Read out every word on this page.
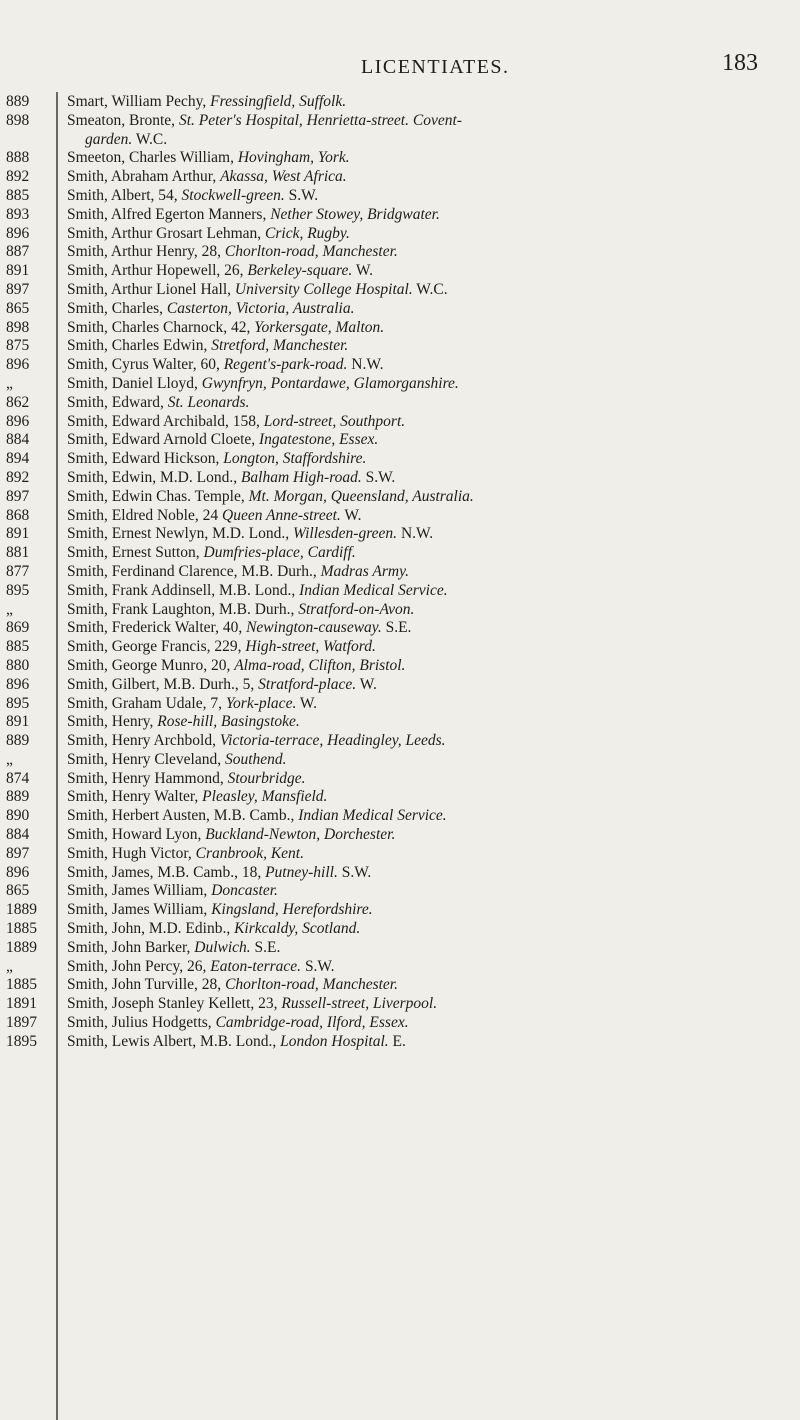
LICENTIATES.	183
889
898
888
892
885
893
896
887
891
897
865
898
875
896
„
862
896
884
894
892
897
868
891
881
877
895
„
869
885
880
896
895
891
889
„
874
889
890
884
897
896
865
1889
1885
1889
„
1885
1891
1897
1895
Smart, William Pechy, Fressingfield, Suffolk.
Smeaton, Bronte, St. Peter's Hospital, Henrietta-street. Covent-
garden. W.C.
Smeeton, Charles William, Hovingham, York.
Smith, Abraham Arthur, Akassa, West Africa.
Smith, Albert, 54, Stockwell-green. S.W.
Smith, Alfred Egerton Manners, Nether Stowey, Bridgwater.
Smith, Arthur Grosart Lehman, Crick, Rugby.
Smith, Arthur Henry, 28, Chorlton-road, Manchester.
Smith, Arthur Hopewell, 26, Berkeley-square. W.
Smith, Arthur Lionel Hall, University College Hospital. W.C.
Smith, Charles, Casterton, Victoria, Australia.
Smith, Charles Charnock, 42, Yorkersgate, Malton.
Smith, Charles Edwin, Stretford, Manchester.
Smith, Cyrus Walter, 60, Regent's-park-road. N.W.
Smith, Daniel Lloyd, Gwynfryn, Pontardawe, Glamorganshire.
Smith, Edward, St. Leonards.
Smith, Edward Archibald, 158, Lord-street, Southport.
Smith, Edward Arnold Cloete, Ingatestone, Essex.
Smith, Edward Hickson, Longton, Staffordshire.
Smith, Edwin, M.D. Lond., Balham High-road. S.W.
Smith, Edwin Chas. Temple, Mt. Morgan, Queensland, Australia.
Smith, Eldred Noble, 24 Queen Anne-street. W.
Smith, Ernest Newlyn, M.D. Lond., Willesden-green. N.W.
Smith, Ernest Sutton, Dumfries-place, Cardiff.
Smith, Ferdinand Clarence, M.B. Durh., Madras Army.
Smith, Frank Addinsell, M.B. Lond., Indian Medical Service.
Smith, Frank Laughton, M.B. Durh., Stratford-on-Avon.
Smith, Frederick Walter, 40, Newington-causeway. S.E.
Smith, George Francis, 229, High-street, Watford.
Smith, George Munro, 20, Alma-road, Clifton, Bristol.
Smith, Gilbert, M.B. Durh., 5, Stratford-place. W.
Smith, Graham Udale, 7, York-place. W.
Smith, Henry, Rose-hill, Basingstoke.
Smith, Henry Archbold, Victoria-terrace, Headingley, Leeds.
Smith, Henry Cleveland, Southend.
Smith, Henry Hammond, Stourbridge.
Smith, Henry Walter, Pleasley, Mansfield.
Smith, Herbert Austen, M.B. Camb., Indian Medical Service.
Smith, Howard Lyon, Buckland-Newton, Dorchester.
Smith, Hugh Victor, Cranbrook, Kent.
Smith, James, M.B. Camb., 18, Putney-hill. S.W.
Smith, James William, Doncaster.
Smith, James William, Kingsland, Herefordshire.
Smith, John, M.D. Edinb., Kirkcaldy, Scotland.
Smith, John Barker, Dulwich. S.E.
Smith, John Percy, 26, Eaton-terrace. S.W.
Smith, John Turville, 28, Chorlton-road, Manchester.
Smith, Joseph Stanley Kellett, 23, Russell-street, Liverpool.
Smith, Julius Hodgetts, Cambridge-road, Ilford, Essex.
Smith, Lewis Albert, M.B. Lond., London Hospital. E.
